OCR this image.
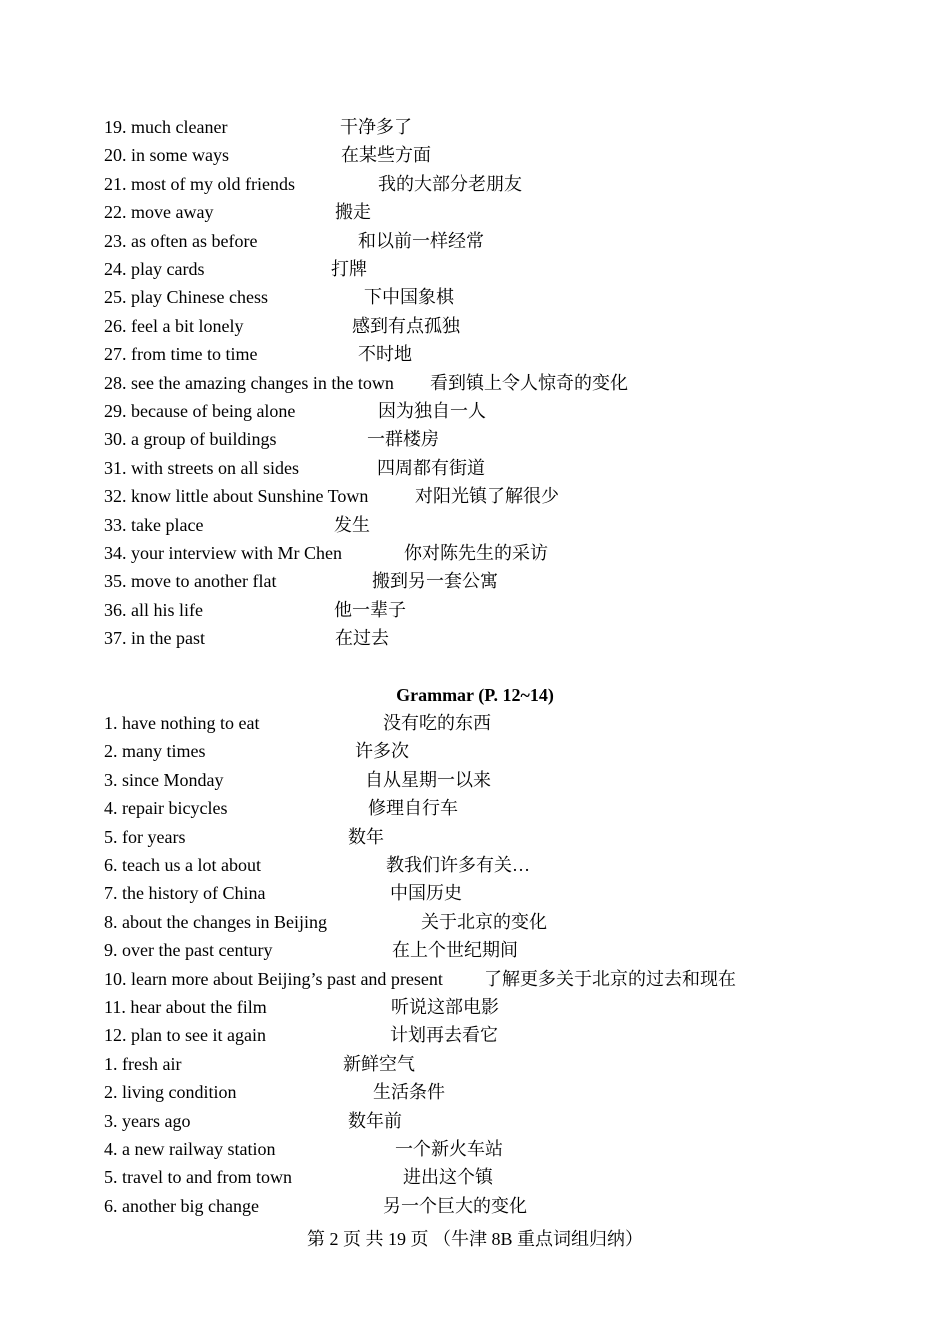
19. much cleaner	干净多了
20. in some ways	在某些方面
21. most of my old friends	我的大部分老朋友
22. move away	搬走
23. as often as before	和以前一样经常
24. play cards	打牌
25. play Chinese chess	下中国象棋
26. feel a bit lonely	感到有点孤独
27. from time to time	不时地
28. see the amazing changes in the town 看到镇上令人惊奇的变化
29. because of being alone	因为独自一人
30. a group of buildings	一群楼房
31. with streets on all sides	四周都有街道
32. know little about Sunshine Town	对阳光镇了解很少
33. take place	发生
34. your interview with Mr Chen	你对陈先生的采访
35. move to another flat	搬到另一套公寓
36. all his life	他一辈子
37. in the past	在过去
Grammar (P. 12~14)
1. have nothing to eat	没有吃的东西
2. many times	许多次
3. since Monday	自从星期一以来
4. repair bicycles	修理自行车
5. for years	数年
6. teach us a lot about	教我们许多有关…
7. the history of China	中国历史
8. about the changes in Beijing	关于北京的变化
9. over the past century	在上个世纪期间
10. learn more about Beijing’s past and present 了解更多关于北京的过去和现在
11. hear about the film	听说这部电影
12. plan to see it again	计划再去看它
1. fresh air	新鲜空气
2. living condition	生活条件
3. years ago	数年前
4. a new railway station	一个新火车站
5. travel to and from town	进出这个镇
6. another big change	另一个巨大的变化
第 2 页 共 19 页 （牛津 8B 重点词组归纳）
